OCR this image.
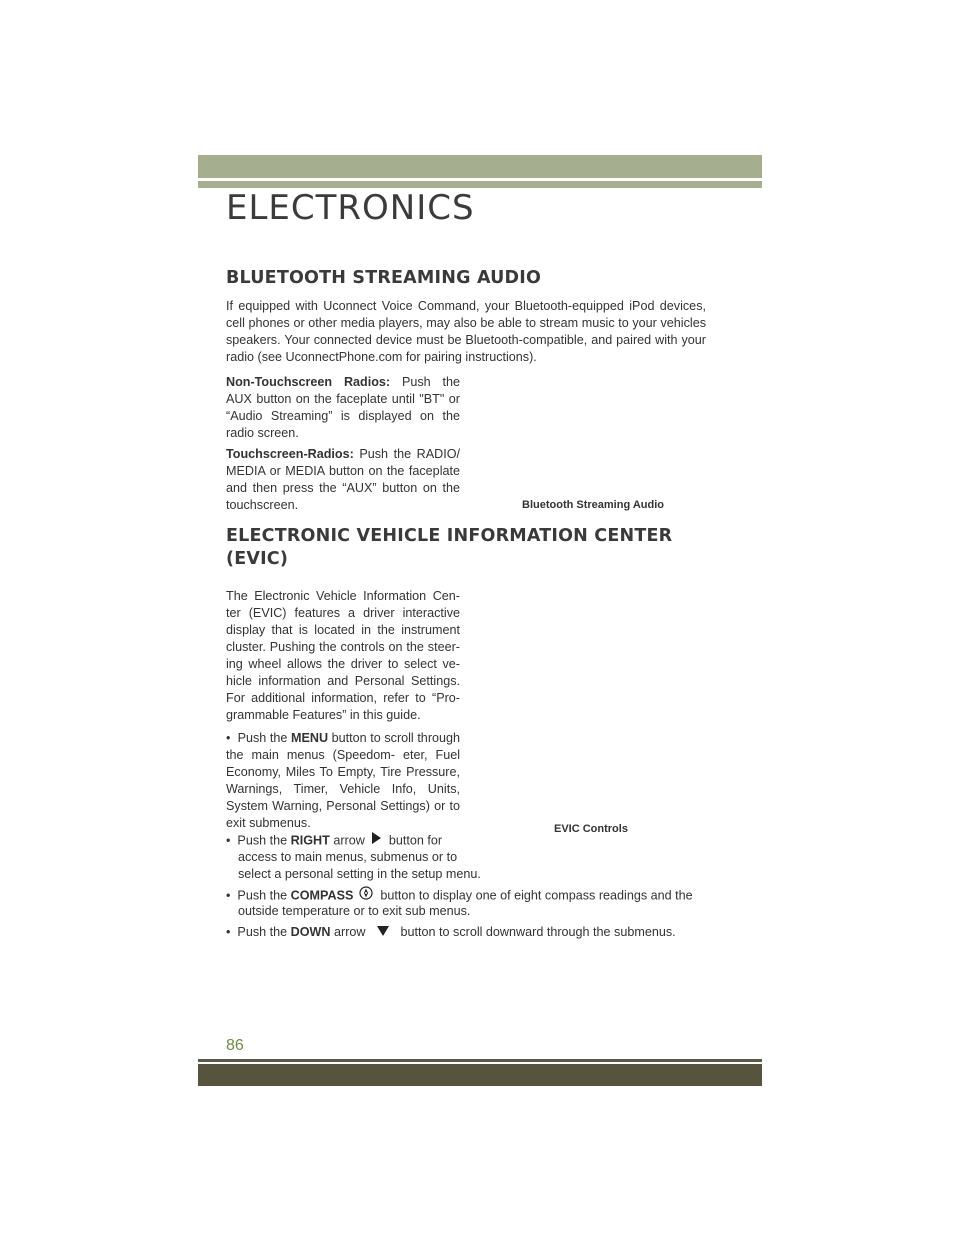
ELECTRONICS
BLUETOOTH STREAMING AUDIO

If equipped with Uconnect Voice Command, your Bluetooth-equipped iPod devices, cell phones or other media players, may also be able to stream music to your vehicles speakers. Your connected device must be Bluetooth-compatible, and paired with your radio (see UconnectPhone.com for pairing instructions).

Non-Touchscreen Radios: Push the AUX button on the faceplate until "BT" or “Audio Streaming” is displayed on the radio screen.

Touchscreen-Radios: Push the RADIO/ MEDIA or MEDIA button on the faceplate and then press the “AUX” button on the touchscreen.	Bluetooth Streaming Audio
ELECTRONIC VEHICLE INFORMATION CENTER
(EVIC)

The Electronic Vehicle Information Cen- ter (EVIC) features a driver interactive display that is located in the instrument cluster. Pushing the controls on the steer- ing wheel allows the driver to select ve- hicle information and Personal Settings. For additional information, refer to “Pro- grammable Features” in this guide.

•  Push the MENU button to scroll through the main menus (Speedom- eter, Fuel Economy, Miles To Empty, Tire Pressure, Warnings, Timer, Vehicle Info, Units, System Warning, Personal Settings) or to exit submenus.

•  Push the RIGHT arrow button for
access to main menus, submenus or to
select a personal setting in the setup menu.
EVIC Controls
•  Push the COMPASS button to display one of eight compass readings and the
outside temperature or to exit sub menus.
•  Push the DOWN arrow	button to scroll downward through the submenus.
86
